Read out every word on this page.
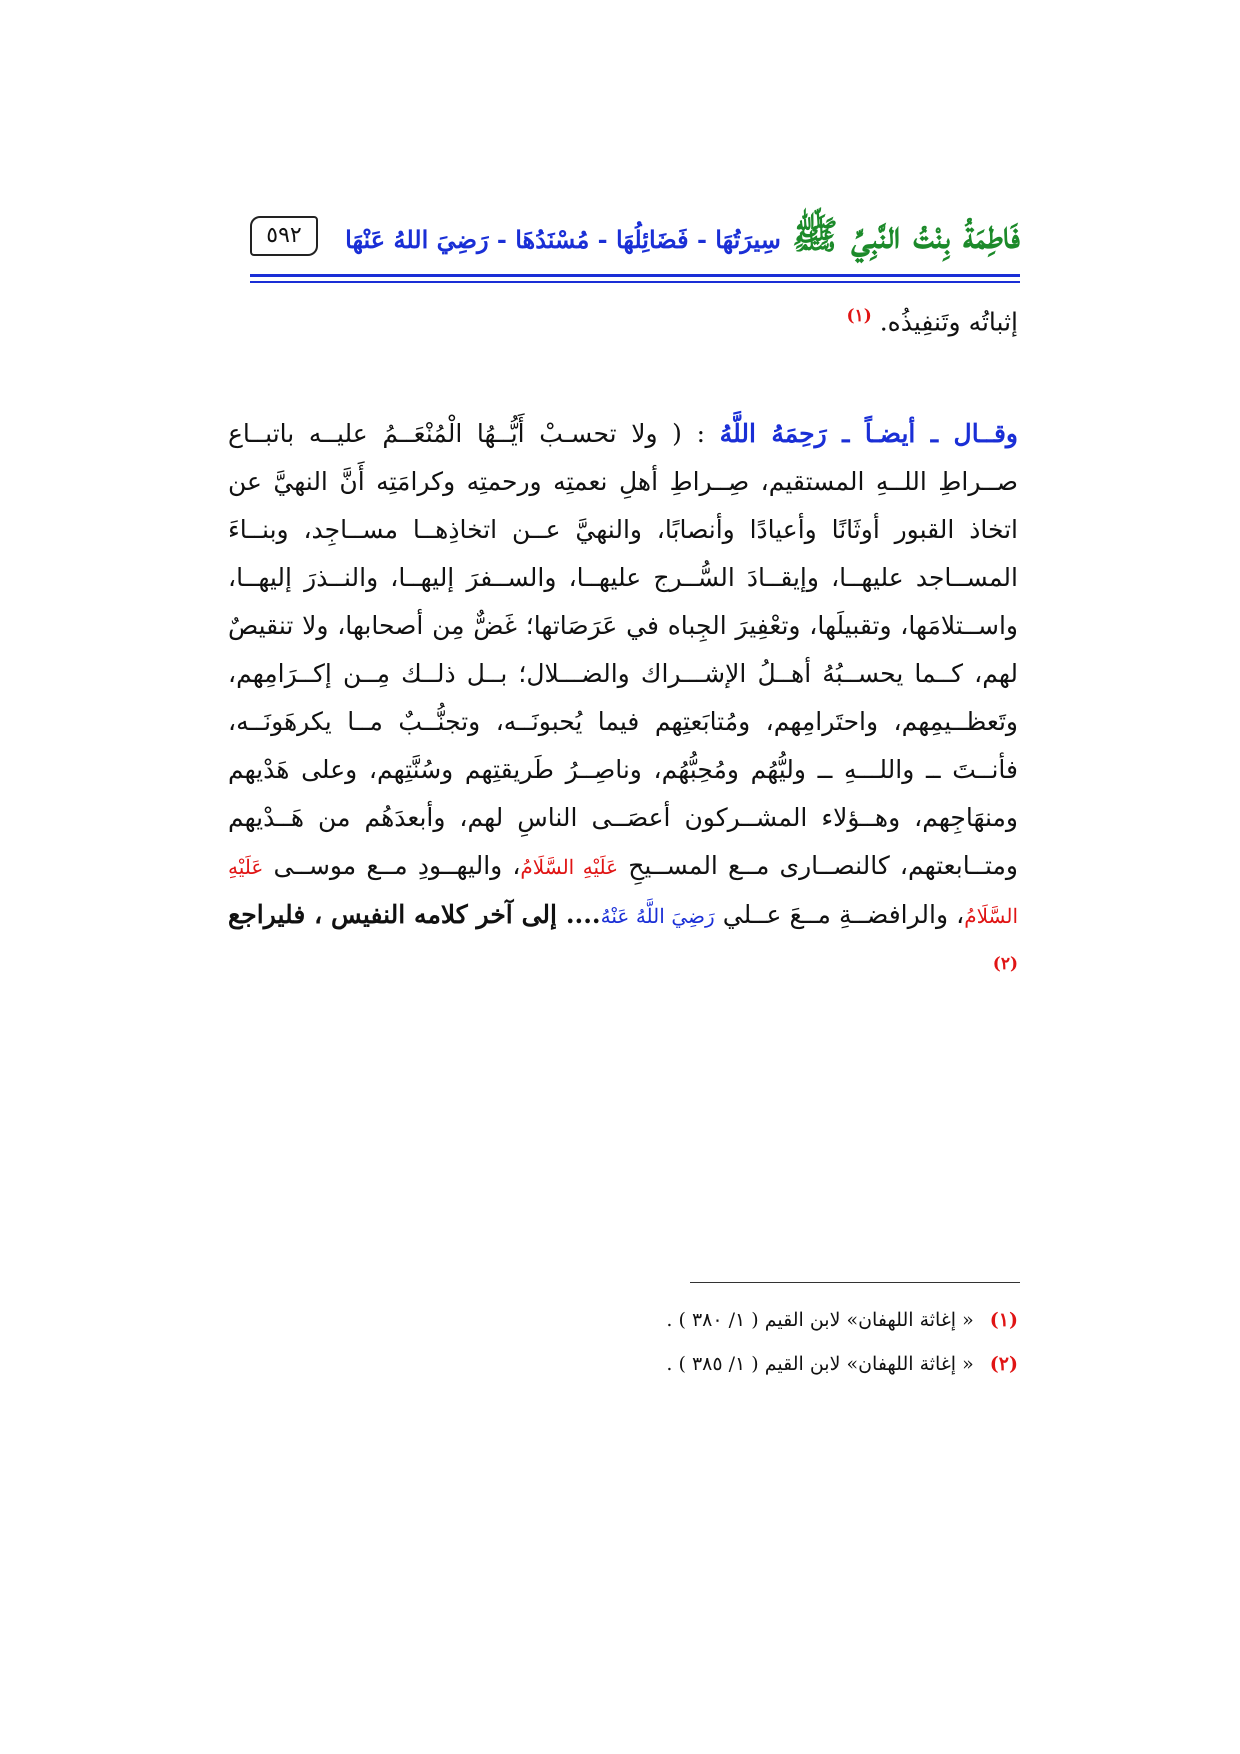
٥٩٢	فَاطِمَةُ بِنْتُ النَّبِيِّ ﷺ سِيرَتُهَا - فَضَائِلُهَا - مُسْنَدُهَا - رَضِيَ اللهُ عَنْهَا

إثباتُه وتَنفِيذُه. $^{(١)}$

وقــال ـ أيضـاً ـ رَحِمَهُ اللَّهُ : ( ولا تحسـبْ أَيُّــهُا الْمُنْعَــمُ عليــه باتبــاع صــراطِ اللــهِ المستقيم، صِــراطِ أهلِ نعمتِه ورحمتِه وكرامَتِه أَنَّ النهيَّ عن اتخاذ القبور أوثَانًا وأعيادًا وأنصابًا، والنهيَّ عــن اتخاذِهــا مســاجِد، وبنــاءَ المســاجد عليهــا، وإيقــادَ السُّــرج عليهــا، والســفرَ إليهــا، والنــذرَ إليهــا، واســتلامَها، وتقبيلَها، وتعْفِيرَ الجِباه في عَرَصَاتها؛ غَضٌّ مِن أصحابها، ولا تنقيصٌ لهم، كــما يحســبُهُ أهــلُ الإشـــراك والضـــلال؛ بــل ذلــك مِــن إكــرَامِهم، وتَعظــيمِهم، واحتَرامِهم، ومُتابَعتِهم فيما يُحبونَــه، وتجنُّــبٌ مــا يكرهَونَــه، فأنــتَ ــ واللـــهِ ــ وليُّهُم ومُحِبُّهُم، وناصِــرُ طَريقتِهم وسُنَّتِهم، وعلى هَدْيهم ومنهَاجِهم، وهــؤلاء المشــركون أعصَــى الناسِ لهم، وأبعدَهُم من هَــدْيهم ومتــابعتهم، كالنصــارى مــع المســيحِ عَلَيْهِ السَّلَامُ، واليهــودِ مــع موســى عَلَيْهِ السَّلَامُ، والرافضــةِ مــعَ عــلي رَضِيَ اللَّهُ عَنْهُ.... إلى آخر كلامه النفيس ، فليراجع $^{(٢)}$

(١) « إغاثة اللهفان» لابن القيم ( ١/ ٣٨٠ ) .
(٢) « إغاثة اللهفان» لابن القيم ( ١/ ٣٨٥ ) .
